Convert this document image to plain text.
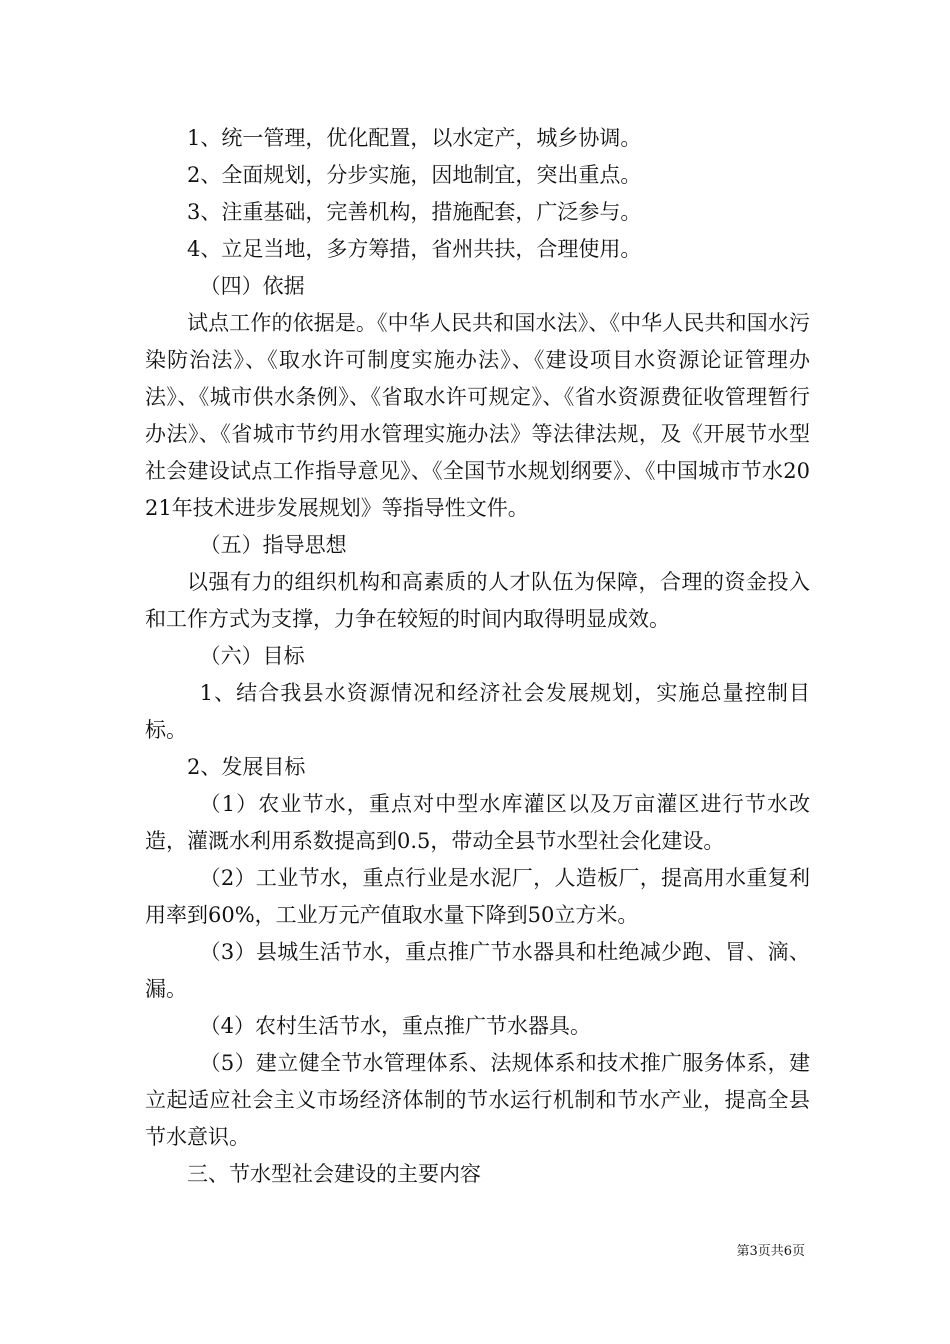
1、统一管理，优化配置，以水定产，城乡协调。

2、全面规划，分步实施，因地制宜，突出重点。

3、注重基础，完善机构，措施配套，广泛参与。

4、立足当地，多方筹措，省州共扶，合理使用。

（四）依据

试点工作的依据是。《中华人民共和国水法》、《中华人民共和国水污染防治法》、《取水许可制度实施办法》、《建设项目水资源论证管理办法》、《城市供水条例》、《省取水许可规定》、《省水资源费征收管理暂行办法》、《省城市节约用水管理实施办法》等法律法规，及《开展节水型社会建设试点工作指导意见》、《全国节水规划纲要》、《中国城市节水2021年技术进步发展规划》等指导性文件。

（五）指导思想

以强有力的组织机构和高素质的人才队伍为保障，合理的资金投入和工作方式为支撑，力争在较短的时间内取得明显成效。

（六）目标

1、结合我县水资源情况和经济社会发展规划，实施总量控制目标。

2、发展目标

（1）农业节水，重点对中型水库灌区以及万亩灌区进行节水改造，灌溉水利用系数提高到0.5，带动全县节水型社会化建设。

（2）工业节水，重点行业是水泥厂，人造板厂，提高用水重复利用率到60%，工业万元产值取水量下降到50立方米。

（3）县城生活节水，重点推广节水器具和杜绝减少跑、冒、滴、漏。

（4）农村生活节水，重点推广节水器具。

（5）建立健全节水管理体系、法规体系和技术推广服务体系，建立起适应社会主义市场经济体制的节水运行机制和节水产业，提高全县节水意识。

三、节水型社会建设的主要内容

第3页共6页
